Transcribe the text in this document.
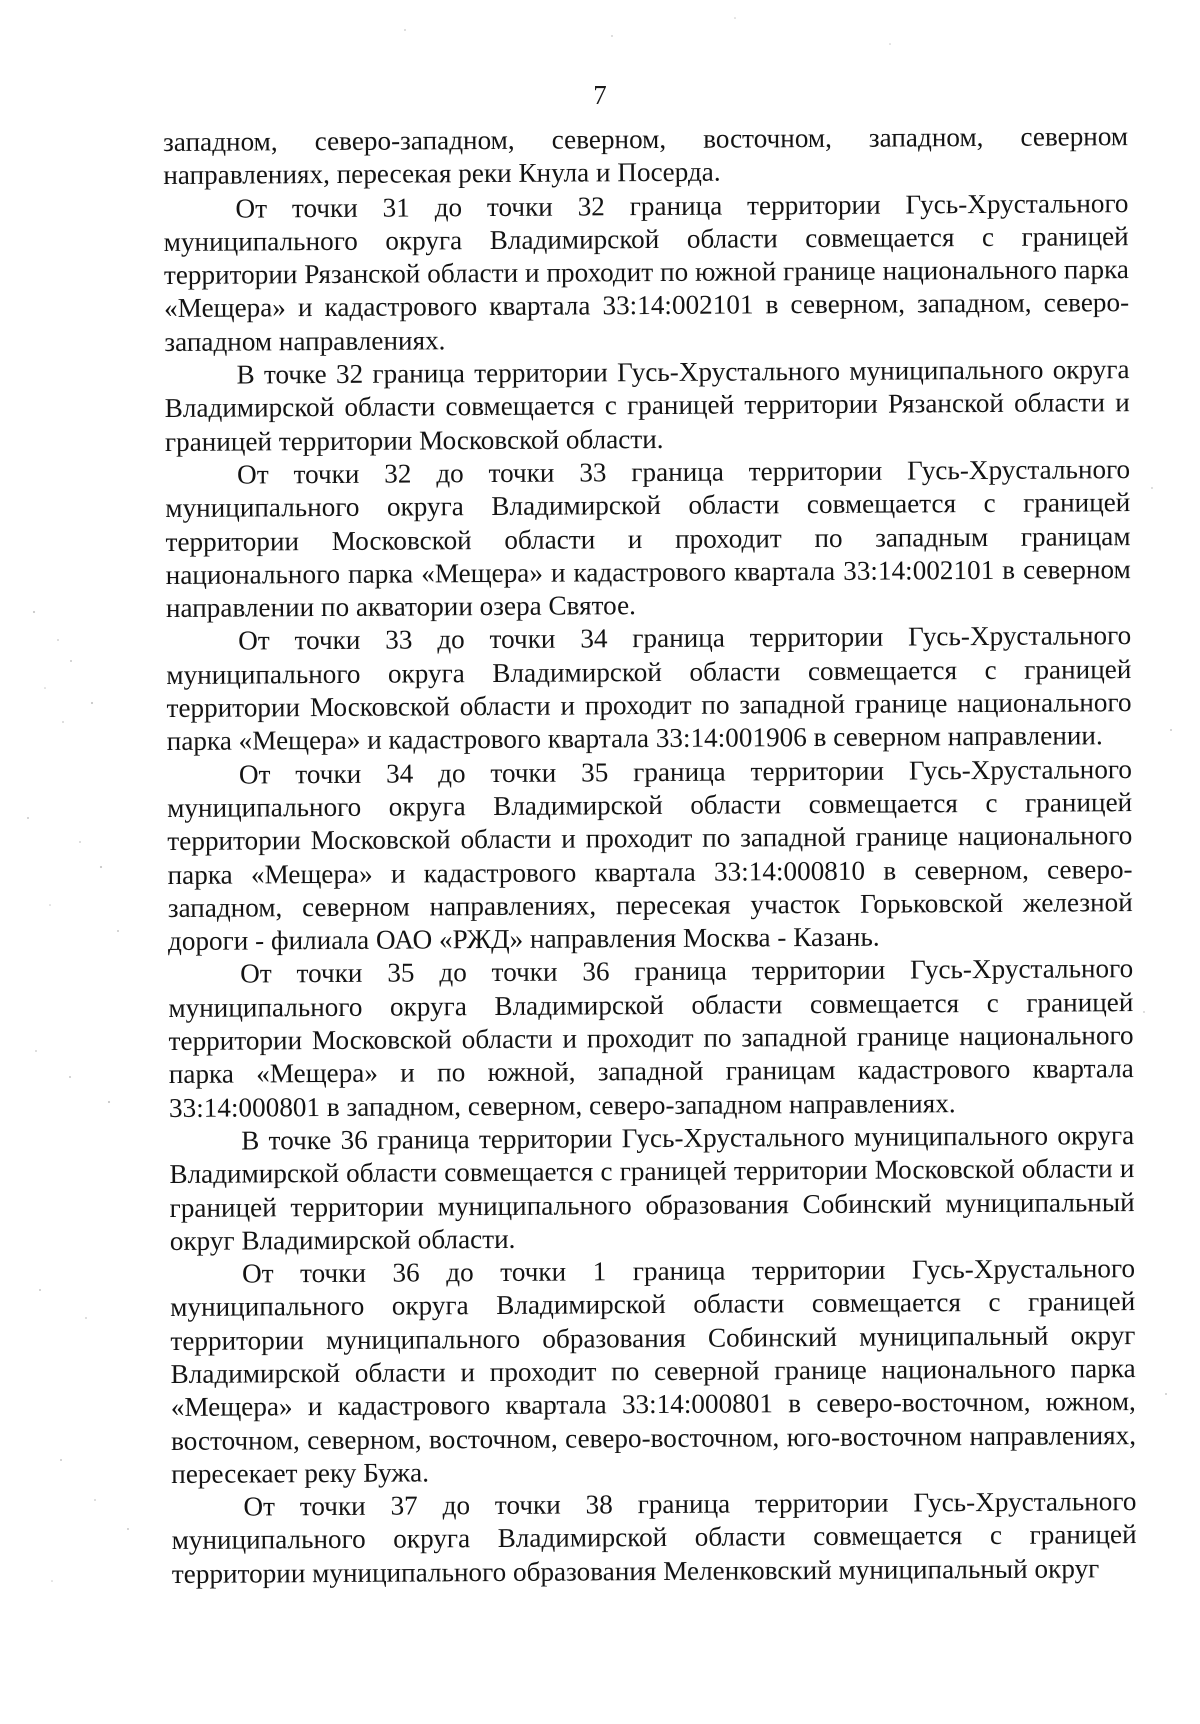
7

западном, северо-западном, северном, восточном, западном, северном направлениях, пересекая реки Кнула и Поcерда.

От точки 31 до точки 32 граница территории Гусь-Хрустального муниципального округа Владимирской области совмещается с границей территории Рязанской области и проходит по южной границе национального парка «Мещера» и кадастрового квартала 33:14:002101 в северном, западном, северо-западном направлениях.

В точке 32 граница территории Гусь-Хрустального муниципального округа Владимирской области совмещается с границей территории Рязанской области и границей территории Московской области.

От точки 32 до точки 33 граница территории Гусь-Хрустального муниципального округа Владимирской области совмещается с границей территории Московской области и проходит по западным границам национального парка «Мещера» и кадастрового квартала 33:14:002101 в северном направлении по акватории озера Святое.

От точки 33 до точки 34 граница территории Гусь-Хрустального муниципального округа Владимирской области совмещается с границей территории Московской области и проходит по западной границе национального парка «Мещера» и кадастрового квартала 33:14:001906 в северном направлении.

От точки 34 до точки 35 граница территории Гусь-Хрустального муниципального округа Владимирской области совмещается с границей территории Московской области и проходит по западной границе национального парка «Мещера» и кадастрового квартала 33:14:000810 в северном, северо-западном, северном направлениях, пересекая участок Горьковской железной дороги - филиала ОАО «РЖД» направления Москва - Казань.

От точки 35 до точки 36 граница территории Гусь-Хрустального муниципального округа Владимирской области совмещается с границей территории Московской области и проходит по западной границе национального парка «Мещера» и по южной, западной границам кадастрового квартала 33:14:000801 в западном, северном, северо-западном направлениях.

В точке 36 граница территории Гусь-Хрустального муниципального округа Владимирской области совмещается с границей территории Московской области и границей территории муниципального образования Собинский муниципальный округ Владимирской области.

От точки 36 до точки 1 граница территории Гусь-Хрустального муниципального округа Владимирской области совмещается с границей территории муниципального образования Собинский муниципальный округ Владимирской области и проходит по северной границе национального парка «Мещера» и кадастрового квартала 33:14:000801 в северо-восточном, южном, восточном, северном, восточном, северо-восточном, юго-восточном направлениях, пересекает реку Бужа.

От точки 37 до точки 38 граница территории Гусь-Хрустального муниципального округа Владимирской области совмещается с границей территории муниципального образования Меленковский муниципальный округ
